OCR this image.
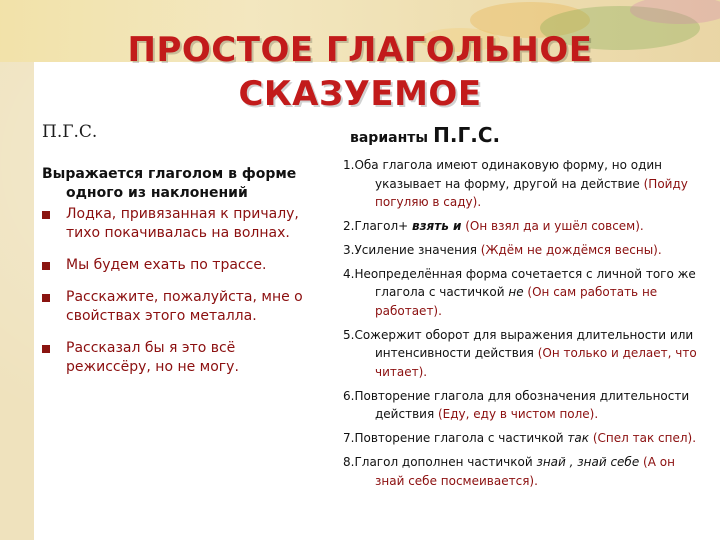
ПРОСТОЕ ГЛАГОЛЬНОЕ
СКАЗУЕМОЕ
П.Г.С.
Выражается глаголом в форме

одного из наклонений
Лодка, привязанная к причалу, тихо покачивалась на волнах.
Мы будем ехать по трассе.
Расскажите, пожалуйста, мне о свойствах этого металла.
Рассказал бы я это всё режиссёру, но не могу.
варианты П.Г.С.
1.Оба глагола имеют одинаковую форму, но один указывает на форму, другой на действие (Пойду погуляю в саду).
2.Глагол+ взять и (Он взял да и ушёл совсем).
3.Усиление значения (Ждём не дождёмся весны).
4.Неопределённая форма сочетается с личной того же глагола с частичкой не (Он сам работать не работает).
5.Сожержит оборот для выражения длительности или интенсивности действия (Он только и делает, что читает).
6.Повторение глагола для обозначения длительности действия (Еду, еду в чистом поле).
7.Повторение глагола с частичкой так (Спел так спел).
8.Глагол дополнен частичкой знай , знай себе (А он знай себе посмеивается).
